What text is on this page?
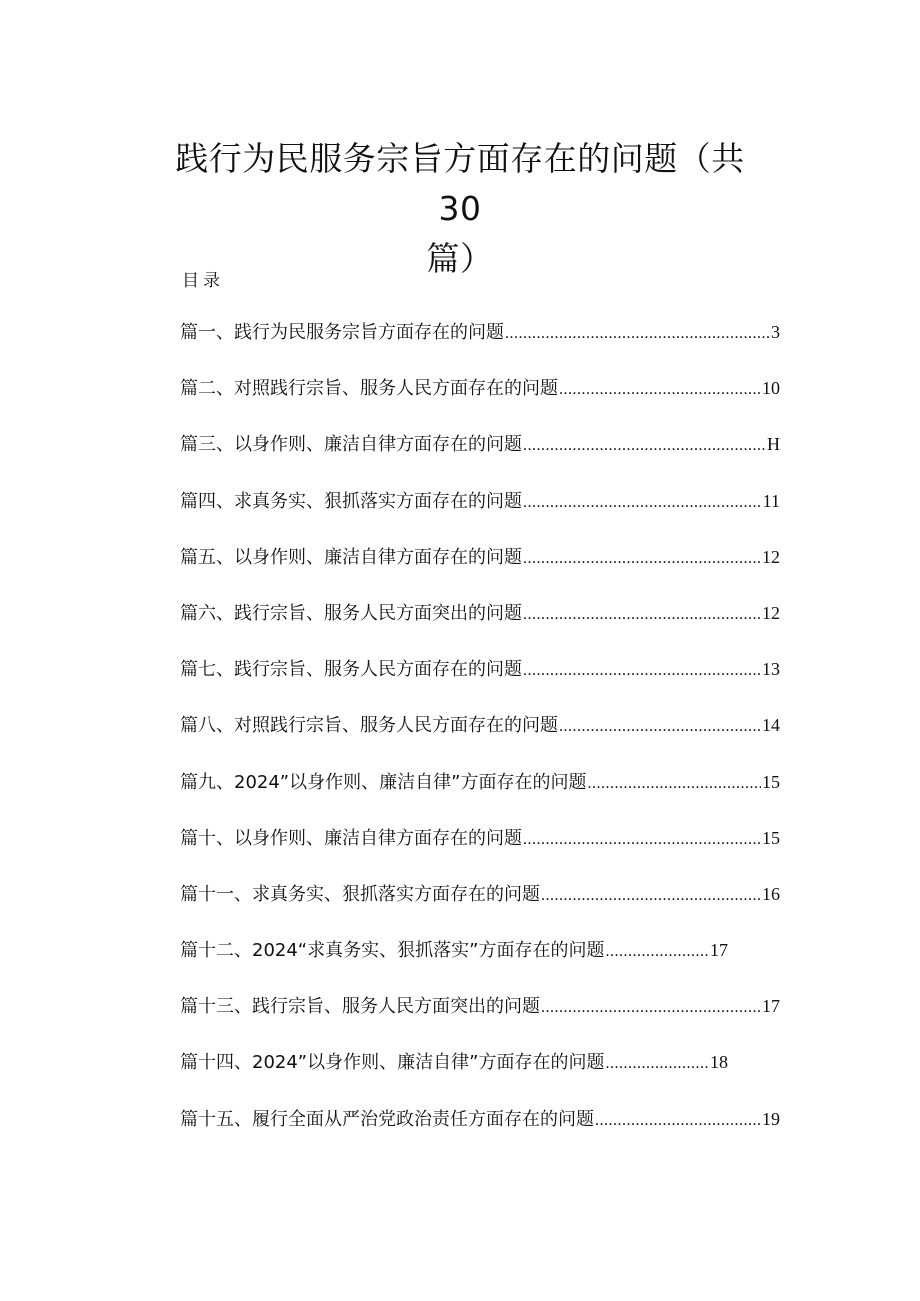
践行为民服务宗旨方面存在的问题（共 30
篇）
目录
篇一、践行为民服务宗旨方面存在的问题 .....	3
篇二、对照践行宗旨、服务人民方面存在的问题 .....	10
篇三、以身作则、廉洁自律方面存在的问题 .....	H
篇四、求真务实、狠抓落实方面存在的问题 .....	11
篇五、以身作则、廉洁自律方面存在的问题 .....	12
篇六、践行宗旨、服务人民方面突出的问题 .....	12
篇七、践行宗旨、服务人民方面存在的问题 .....	13
篇八、对照践行宗旨、服务人民方面存在的问题 .....	14
篇九、2024”以身作则、廉洁自律”方面存在的问题 .....	15
篇十、以身作则、廉洁自律方面存在的问题 .....	15
篇十一、求真务实、狠抓落实方面存在的问题 .....	16
篇十二、2024“求真务实、狠抓落实”方面存在的问题 .....	17
篇十三、践行宗旨、服务人民方面突出的问题 .....	17
篇十四、2024”以身作则、廉洁自律”方面存在的问题 .....	18
篇十五、履行全面从严治党政治责任方面存在的问题 .....	19
